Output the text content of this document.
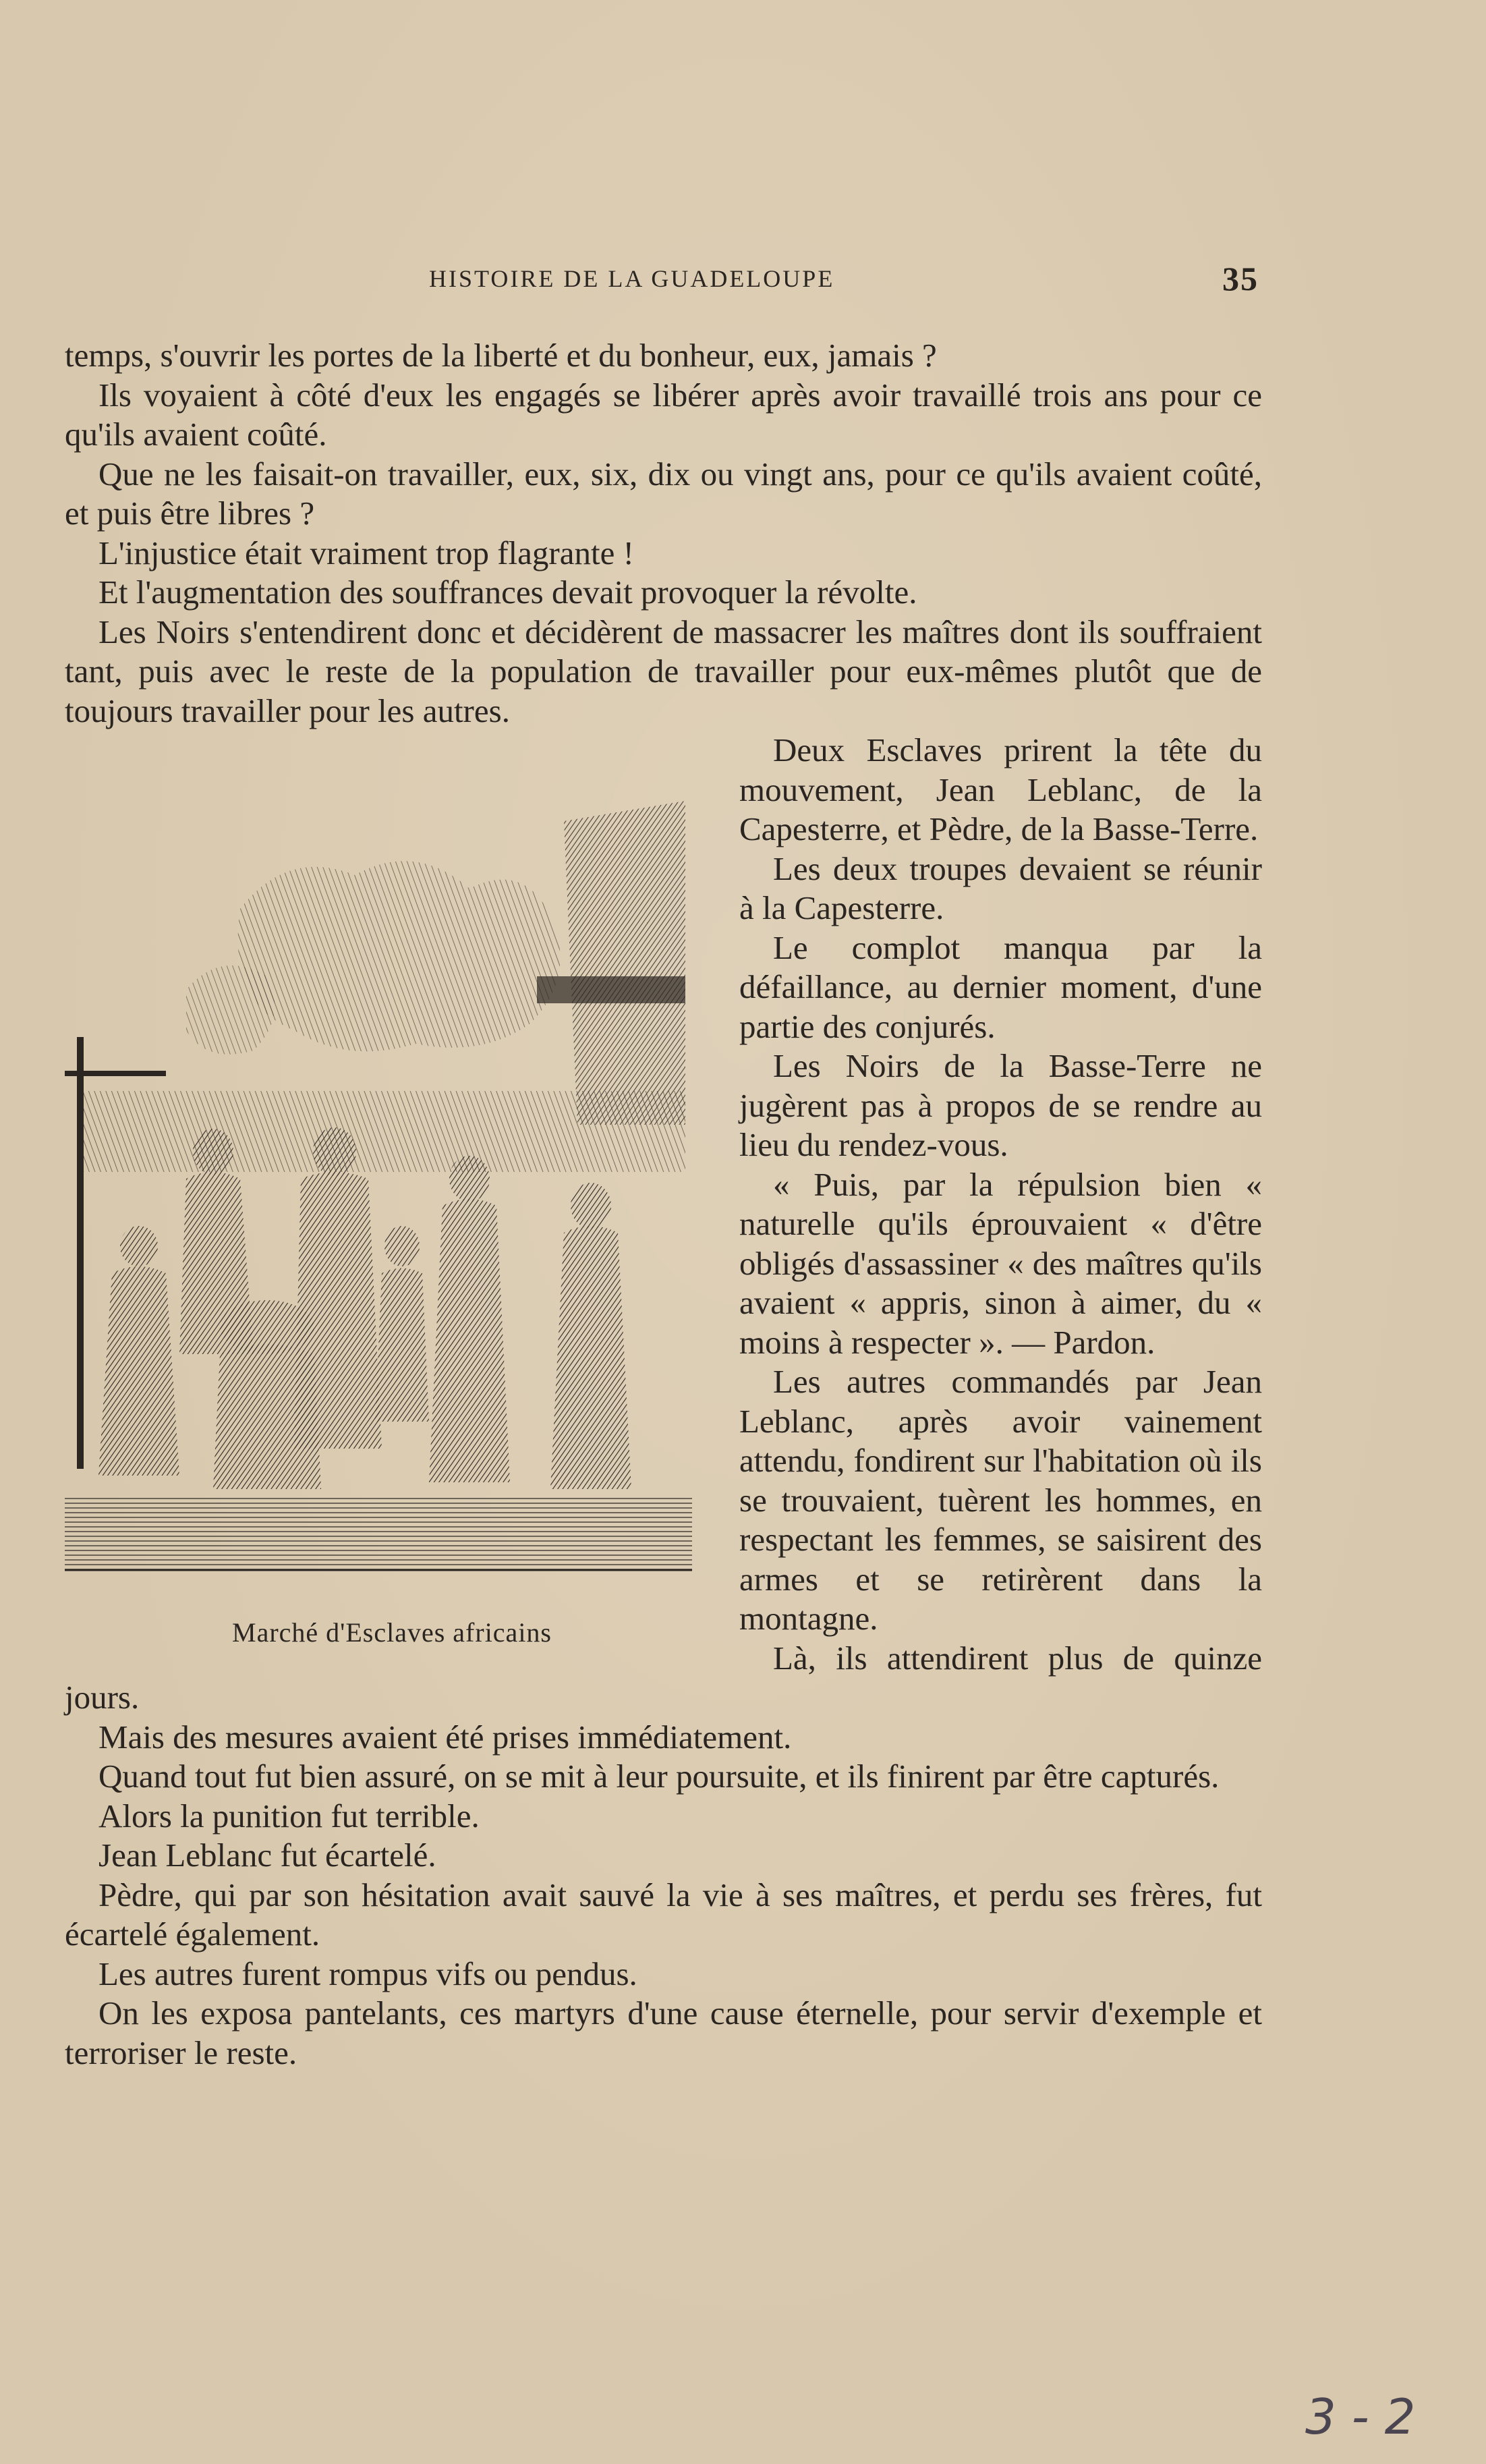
HISTOIRE DE LA GUADELOUPE	35

temps, s'ouvrir les portes de la liberté et du bonheur, eux, jamais ?

Ils voyaient à côté d'eux les engagés se libérer après avoir travaillé trois ans pour ce qu'ils avaient coûté.

Que ne les faisait-on travailler, eux, six, dix ou vingt ans, pour ce qu'ils avaient coûté, et puis être libres ?

L'injustice était vraiment trop flagrante !

Et l'augmentation des souffrances devait provoquer la révolte.

Les Noirs s'entendirent donc et décidèrent de massacrer les maîtres dont ils souffraient tant, puis avec le reste de la population de travailler pour eux-mêmes plutôt que de toujours travailler pour les autres.

Marché d'Esclaves africains

Deux Esclaves prirent la tête du mouvement, Jean Leblanc, de la Capesterre, et Pèdre, de la Basse-Terre.

Les deux troupes devaient se réunir à la Capesterre.

Le complot manqua par la défaillance, au dernier moment, d'une partie des conjurés.

Les Noirs de la Basse-Terre ne jugèrent pas à propos de se rendre au lieu du rendez-vous.

« Puis, par la répulsion bien « naturelle qu'ils éprouvaient « d'être obligés d'assassiner « des maîtres qu'ils avaient « appris, sinon à aimer, du « moins à respecter ». — Pardon.

Les autres commandés par Jean Leblanc, après avoir vainement attendu, fondirent sur l'habitation où ils se trouvaient, tuèrent les hommes, en respectant les femmes, se saisirent des armes et se retirèrent dans la montagne.

Là, ils attendirent plus de quinze jours.

Mais des mesures avaient été prises immédiatement.

Quand tout fut bien assuré, on se mit à leur poursuite, et ils finirent par être capturés.

Alors la punition fut terrible.

Jean Leblanc fut écartelé.

Pèdre, qui par son hésitation avait sauvé la vie à ses maîtres, et perdu ses frères, fut écartelé également.

Les autres furent rompus vifs ou pendus.

On les exposa pantelants, ces martyrs d'une cause éternelle, pour servir d'exemple et terroriser le reste.

3 - 2
